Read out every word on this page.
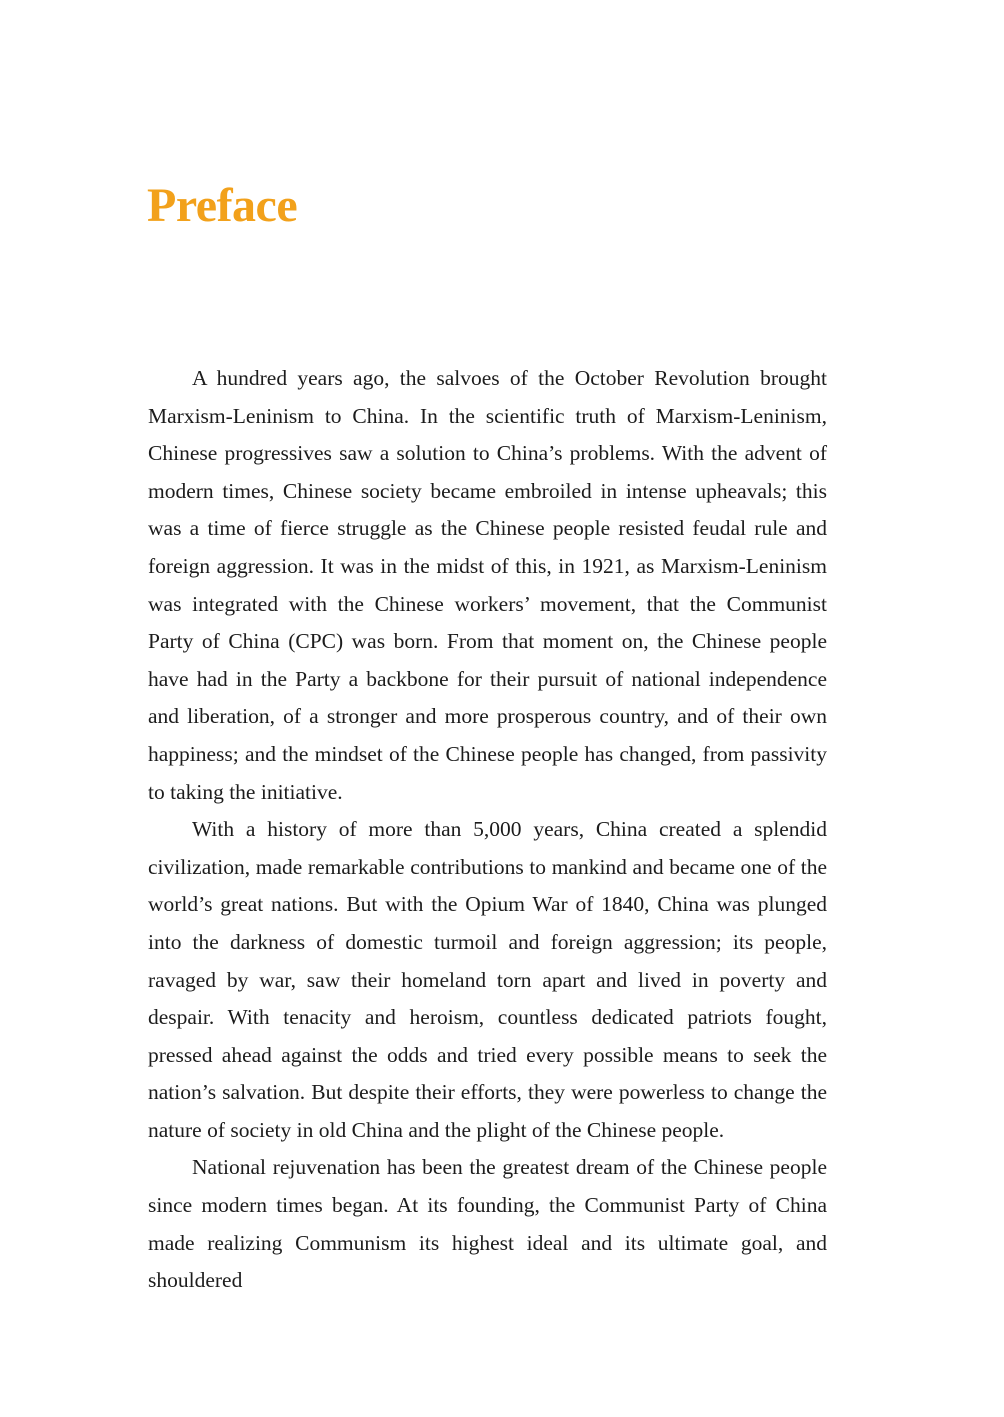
Preface

A hundred years ago, the salvoes of the October Revolution brought Marxism-Leninism to China. In the scientific truth of Marxism-Leninism, Chinese progressives saw a solution to China’s problems. With the advent of modern times, Chinese society became embroiled in intense upheavals; this was a time of fierce struggle as the Chinese people resisted feudal rule and foreign aggression. It was in the midst of this, in 1921, as Marxism-Leninism was integrated with the Chinese workers’ movement, that the Communist Party of China (CPC) was born. From that moment on, the Chinese people have had in the Party a backbone for their pursuit of national independence and liberation, of a stronger and more prosperous country, and of their own happiness; and the mindset of the Chinese people has changed, from passivity to taking the initiative.

With a history of more than 5,000 years, China created a splendid civilization, made remarkable contributions to mankind and became one of the world’s great nations. But with the Opium War of 1840, China was plunged into the darkness of domestic turmoil and foreign aggression; its people, ravaged by war, saw their homeland torn apart and lived in poverty and despair. With tenacity and heroism, countless dedicated patriots fought, pressed ahead against the odds and tried every possible means to seek the nation’s salvation. But despite their efforts, they were powerless to change the nature of society in old China and the plight of the Chinese people.

National rejuvenation has been the greatest dream of the Chinese people since modern times began. At its founding, the Communist Party of China made realizing Communism its highest ideal and its ultimate goal, and shouldered
